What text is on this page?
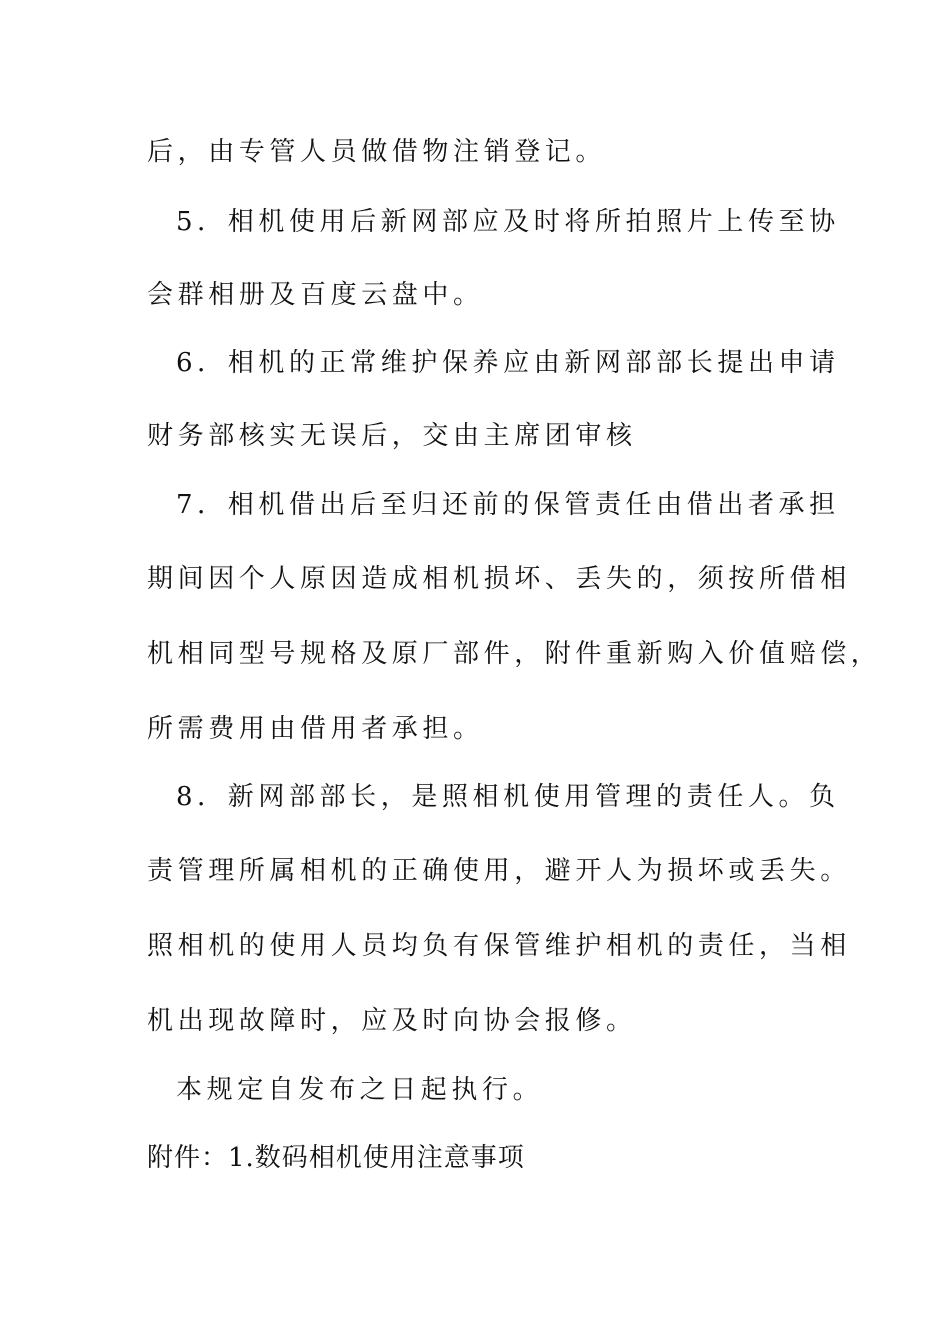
后，由专管人员做借物注销登记。
5．相机使用后新网部应及时将所拍照片上传至协
会群相册及百度云盘中。
6．相机的正常维护保养应由新网部部长提出申请
财务部核实无误后，交由主席团审核
7．相机借出后至归还前的保管责任由借出者承担
期间因个人原因造成相机损坏、丢失的，须按所借相
机相同型号规格及原厂部件，附件重新购入价值赔偿，
所需费用由借用者承担。
8．新网部部长，是照相机使用管理的责任人。负
责管理所属相机的正确使用，避开人为损坏或丢失。
照相机的使用人员均负有保管维护相机的责任，当相
机出现故障时，应及时向协会报修。
本规定自发布之日起执行。
附件：1.数码相机使用注意事项
